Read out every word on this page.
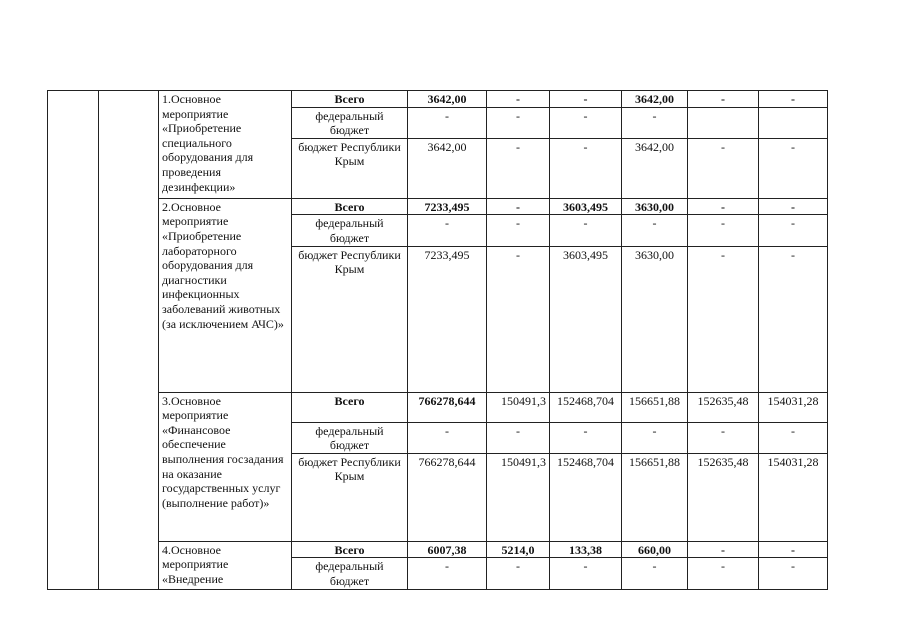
		1.Основное мероприятие «Приобретение специального оборудования для проведения дезинфекции»	Всего	3642,00	-	-	3642,00	-	-
			федеральный бюджет	-	-	-	-		
			бюджет Республики Крым	3642,00	-	-	3642,00	-	-
		2.Основное мероприятие «Приобретение лабораторного оборудования для диагностики инфекционных заболеваний животных (за исключением АЧС)»	Всего	7233,495	-	3603,495	3630,00	-	-
			федеральный бюджет	-	-	-	-	-	-
			бюджет Республики Крым	7233,495	-	3603,495	3630,00	-	-
		3.Основное мероприятие «Финансовое обеспечение выполнения госзадания на оказание государственных услуг (выполнение работ)»	Всего	766278,644	150491,3	152468,704	156651,88	152635,48	154031,28
			федеральный бюджет	-	-	-	-	-	-
			бюджет Республики Крым	766278,644	150491,3	152468,704	156651,88	152635,48	154031,28
		4.Основное мероприятие «Внедрение	Всего	6007,38	5214,0	133,38	660,00	-	-
			федеральный бюджет	-	-	-	-	-	-
